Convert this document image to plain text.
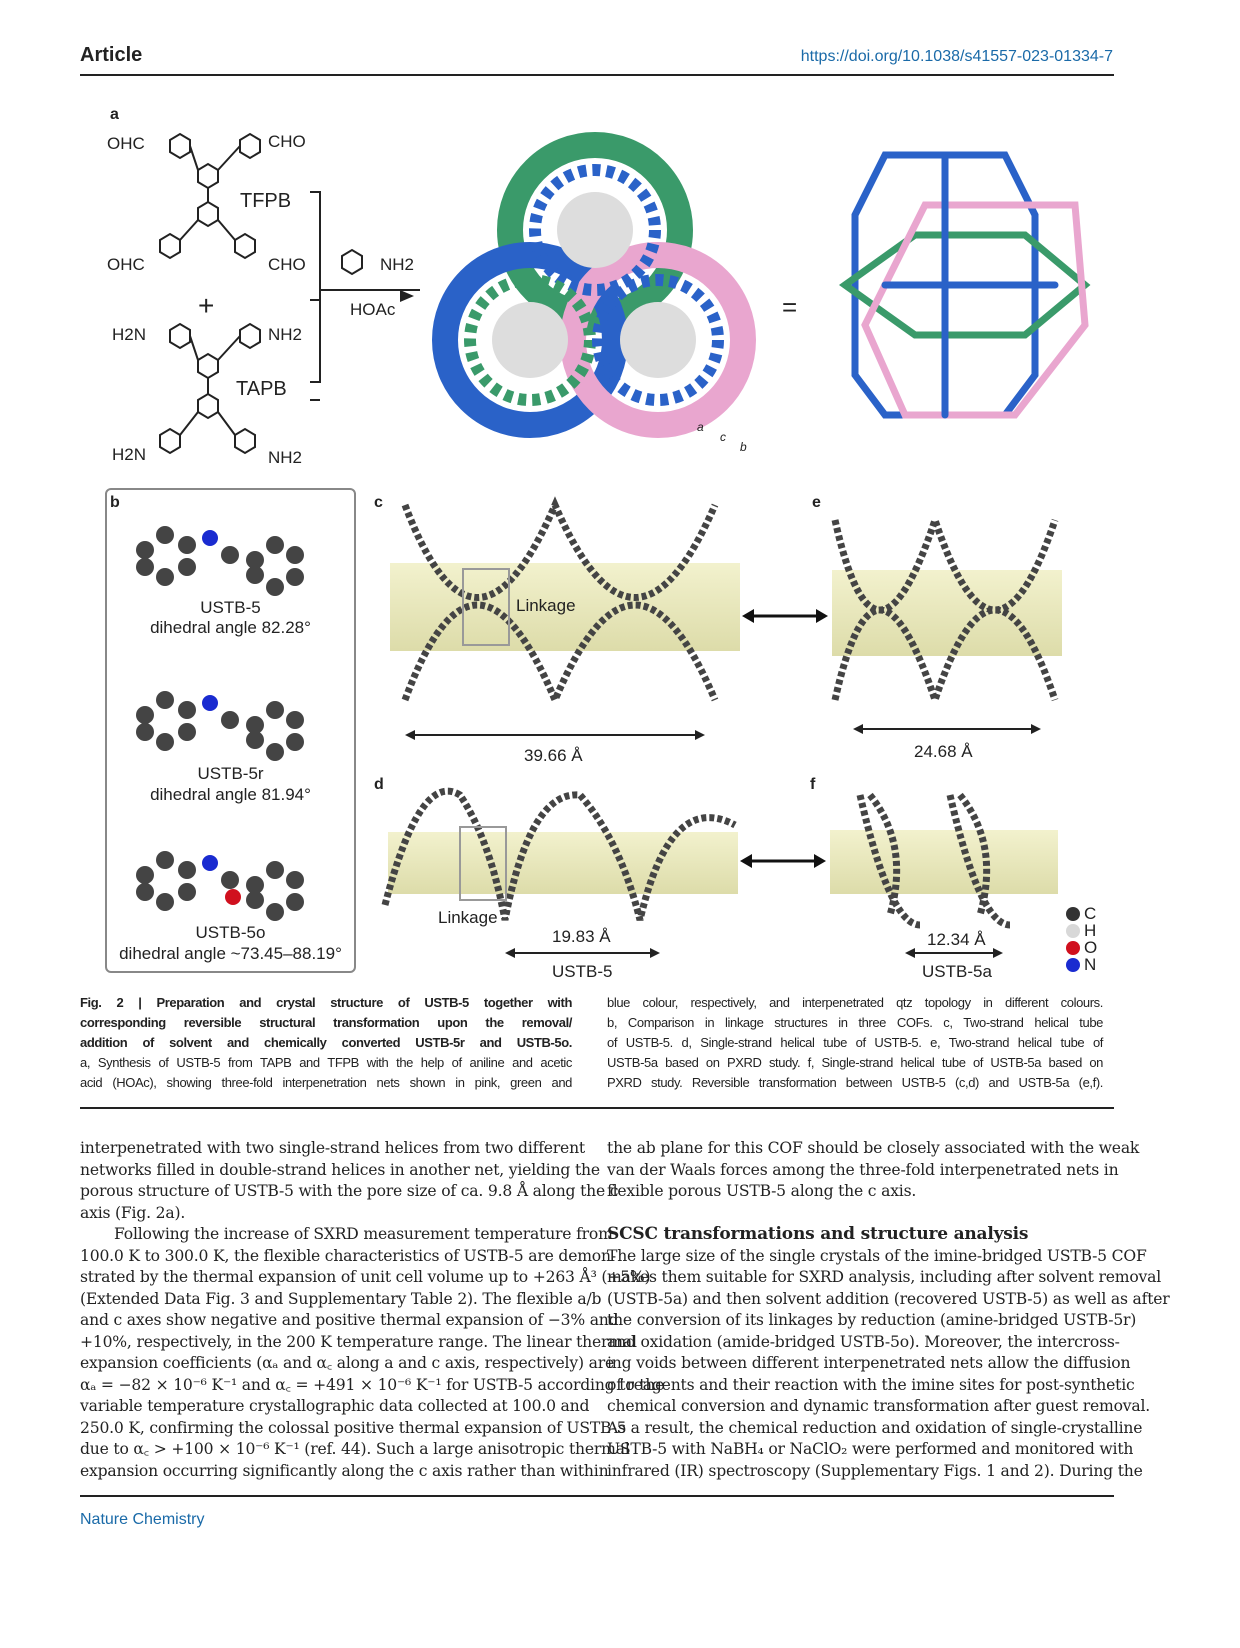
Article	https://doi.org/10.1038/s41557-023-01334-7
a
OHC	CHO
TFPB
OHC	CHO
+
H2N	NH2
TAPB
H2N	NH2
NH2
HOAc
a
c
b
=
b
USTB-5
dihedral angle 82.28°
USTB-5r
dihedral angle 81.94°
USTB-5o
dihedral angle ~73.45–88.19°
c
Linkage
39.66 Å
e
24.68 Å
d
Linkage
19.83 Å
USTB-5
f
12.34 Å
USTB-5a
C
H
O
N
Fig. 2 | Preparation and crystal structure of USTB-5 together with
corresponding reversible structural transformation upon the removal/
addition of solvent and chemically converted USTB-5r and USTB-5o.
a, Synthesis of USTB-5 from TAPB and TFPB with the help of aniline and acetic
acid (HOAc), showing three-fold interpenetration nets shown in pink, green and
blue colour, respectively, and interpenetrated qtz topology in different colours.
b, Comparison in linkage structures in three COFs. c, Two-strand helical tube
of USTB-5. d, Single-strand helical tube of USTB-5. e, Two-strand helical tube of
USTB-5a based on PXRD study. f, Single-strand helical tube of USTB-5a based on
PXRD study. Reversible transformation between USTB-5 (c,d) and USTB-5a (e,f).
interpenetrated with two single-strand helices from two different
networks filled in double-strand helices in another net, yielding the
porous structure of USTB-5 with the pore size of ca. 9.8 Å along the c
axis (Fig. 2a).
Following the increase of SXRD measurement temperature from
100.0 K to 300.0 K, the flexible characteristics of USTB-5 are demon-
strated by the thermal expansion of unit cell volume up to +263 Å³ (+5%)
(Extended Data Fig. 3 and Supplementary Table 2). The flexible a/b
and c axes show negative and positive thermal expansion of −3% and
+10%, respectively, in the 200 K temperature range. The linear thermal
expansion coefficients (αₐ and α꜀ along a and c axis, respectively) are
αₐ = −82 × 10⁻⁶ K⁻¹ and α꜀ = +491 × 10⁻⁶ K⁻¹ for USTB-5 according to the
variable temperature crystallographic data collected at 100.0 and
250.0 K, confirming the colossal positive thermal expansion of USTB-5
due to α꜀ > +100 × 10⁻⁶ K⁻¹ (ref. 44). Such a large anisotropic thermal
expansion occurring significantly along the c axis rather than within
the ab plane for this COF should be closely associated with the weak
van der Waals forces among the three-fold interpenetrated nets in
flexible porous USTB-5 along the c axis.
SCSC transformations and structure analysis
The large size of the single crystals of the imine-bridged USTB-5 COF
makes them suitable for SXRD analysis, including after solvent removal
(USTB-5a) and then solvent addition (recovered USTB-5) as well as after
the conversion of its linkages by reduction (amine-bridged USTB-5r)
and oxidation (amide-bridged USTB-5o). Moreover, the intercross-
ing voids between different interpenetrated nets allow the diffusion
of reagents and their reaction with the imine sites for post-synthetic
chemical conversion and dynamic transformation after guest removal.
As a result, the chemical reduction and oxidation of single-crystalline
USTB-5 with NaBH₄ or NaClO₂ were performed and monitored with
infrared (IR) spectroscopy (Supplementary Figs. 1 and 2). During the
Nature Chemistry
